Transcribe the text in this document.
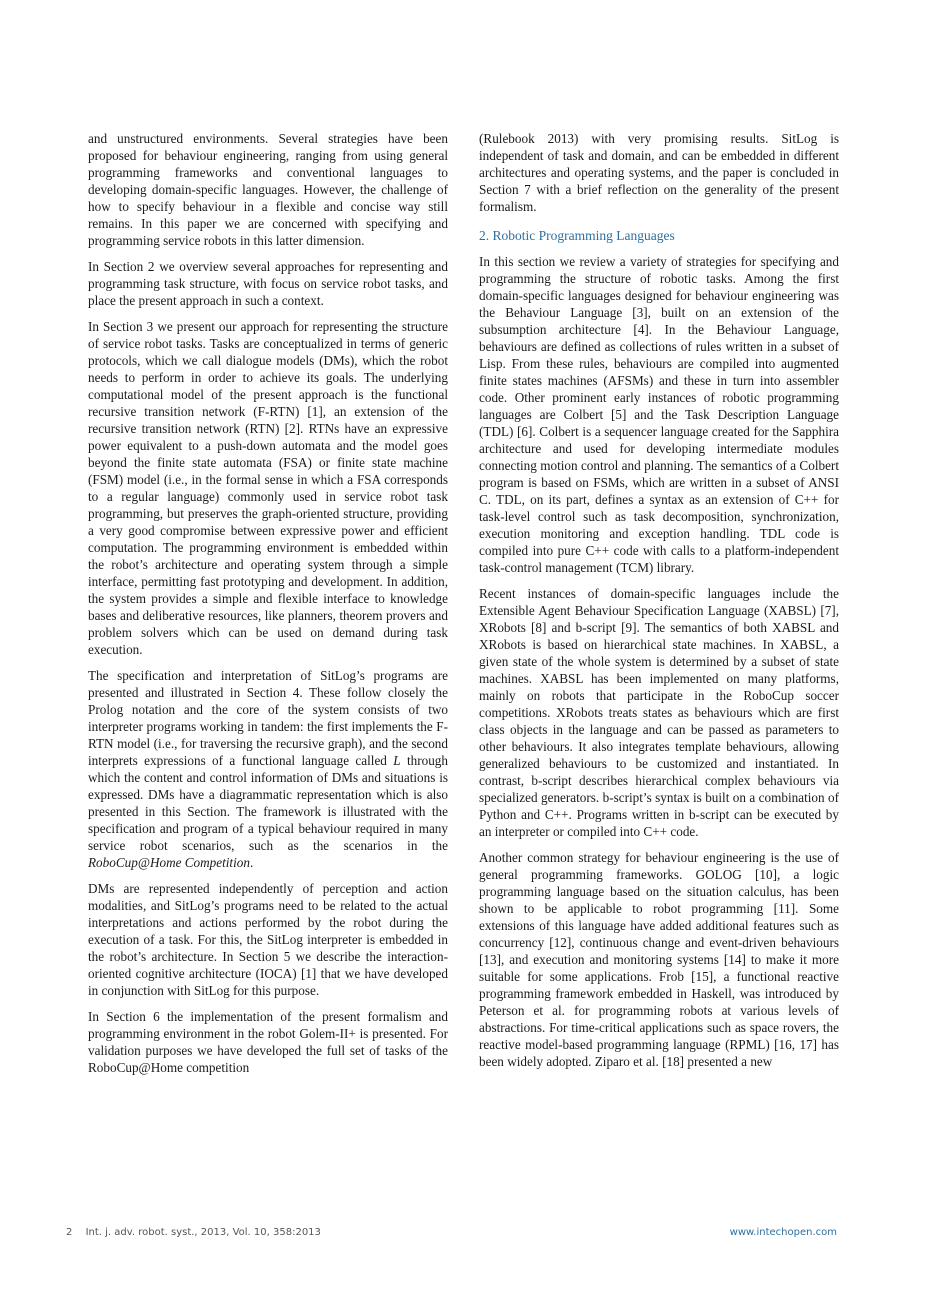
and unstructured environments. Several strategies have been proposed for behaviour engineering, ranging from using general programming frameworks and conventional languages to developing domain-specific languages. However, the challenge of how to specify behaviour in a flexible and concise way still remains. In this paper we are concerned with specifying and programming service robots in this latter dimension.

In Section 2 we overview several approaches for representing and programming task structure, with focus on service robot tasks, and place the present approach in such a context.

In Section 3 we present our approach for representing the structure of service robot tasks. Tasks are conceptualized in terms of generic protocols, which we call dialogue models (DMs), which the robot needs to perform in order to achieve its goals. The underlying computational model of the present approach is the functional recursive transition network (F-RTN) [1], an extension of the recursive transition network (RTN) [2]. RTNs have an expressive power equivalent to a push-down automata and the model goes beyond the finite state automata (FSA) or finite state machine (FSM) model (i.e., in the formal sense in which a FSA corresponds to a regular language) commonly used in service robot task programming, but preserves the graph-oriented structure, providing a very good compromise between expressive power and efficient computation. The programming environment is embedded within the robot’s architecture and operating system through a simple interface, permitting fast prototyping and development. In addition, the system provides a simple and flexible interface to knowledge bases and deliberative resources, like planners, theorem provers and problem solvers which can be used on demand during task execution.

The specification and interpretation of SitLog’s programs are presented and illustrated in Section 4. These follow closely the Prolog notation and the core of the system consists of two interpreter programs working in tandem: the first implements the F-RTN model (i.e., for traversing the recursive graph), and the second interprets expressions of a functional language called L through which the content and control information of DMs and situations is expressed. DMs have a diagrammatic representation which is also presented in this Section. The framework is illustrated with the specification and program of a typical behaviour required in many service robot scenarios, such as the scenarios in the RoboCup@Home Competition.

DMs are represented independently of perception and action modalities, and SitLog’s programs need to be related to the actual interpretations and actions performed by the robot during the execution of a task. For this, the SitLog interpreter is embedded in the robot’s architecture. In Section 5 we describe the interaction-oriented cognitive architecture (IOCA) [1] that we have developed in conjunction with SitLog for this purpose.

In Section 6 the implementation of the present formalism and programming environment in the robot Golem-II+ is presented. For validation purposes we have developed the full set of tasks of the RoboCup@Home competition

(Rulebook 2013) with very promising results. SitLog is independent of task and domain, and can be embedded in different architectures and operating systems, and the paper is concluded in Section 7 with a brief reflection on the generality of the present formalism.

2. Robotic Programming Languages

In this section we review a variety of strategies for specifying and programming the structure of robotic tasks. Among the first domain-specific languages designed for behaviour engineering was the Behaviour Language [3], built on an extension of the subsumption architecture [4]. In the Behaviour Language, behaviours are defined as collections of rules written in a subset of Lisp. From these rules, behaviours are compiled into augmented finite states machines (AFSMs) and these in turn into assembler code. Other prominent early instances of robotic programming languages are Colbert [5] and the Task Description Language (TDL) [6]. Colbert is a sequencer language created for the Sapphira architecture and used for developing intermediate modules connecting motion control and planning. The semantics of a Colbert program is based on FSMs, which are written in a subset of ANSI C. TDL, on its part, defines a syntax as an extension of C++ for task-level control such as task decomposition, synchronization, execution monitoring and exception handling. TDL code is compiled into pure C++ code with calls to a platform-independent task-control management (TCM) library.

Recent instances of domain-specific languages include the Extensible Agent Behaviour Specification Language (XABSL) [7], XRobots [8] and b-script [9]. The semantics of both XABSL and XRobots is based on hierarchical state machines. In XABSL, a given state of the whole system is determined by a subset of state machines. XABSL has been implemented on many platforms, mainly on robots that participate in the RoboCup soccer competitions. XRobots treats states as behaviours which are first class objects in the language and can be passed as parameters to other behaviours. It also integrates template behaviours, allowing generalized behaviours to be customized and instantiated. In contrast, b-script describes hierarchical complex behaviours via specialized generators. b-script’s syntax is built on a combination of Python and C++. Programs written in b-script can be executed by an interpreter or compiled into C++ code.

Another common strategy for behaviour engineering is the use of general programming frameworks. GOLOG [10], a logic programming language based on the situation calculus, has been shown to be applicable to robot programming [11]. Some extensions of this language have added additional features such as concurrency [12], continuous change and event-driven behaviours [13], and execution and monitoring systems [14] to make it more suitable for some applications. Frob [15], a functional reactive programming framework embedded in Haskell, was introduced by Peterson et al. for programming robots at various levels of abstractions. For time-critical applications such as space rovers, the reactive model-based programming language (RPML) [16, 17] has been widely adopted. Ziparo et al. [18] presented a new

2 Int. j. adv. robot. syst., 2013, Vol. 10, 358:2013	www.intechopen.com
